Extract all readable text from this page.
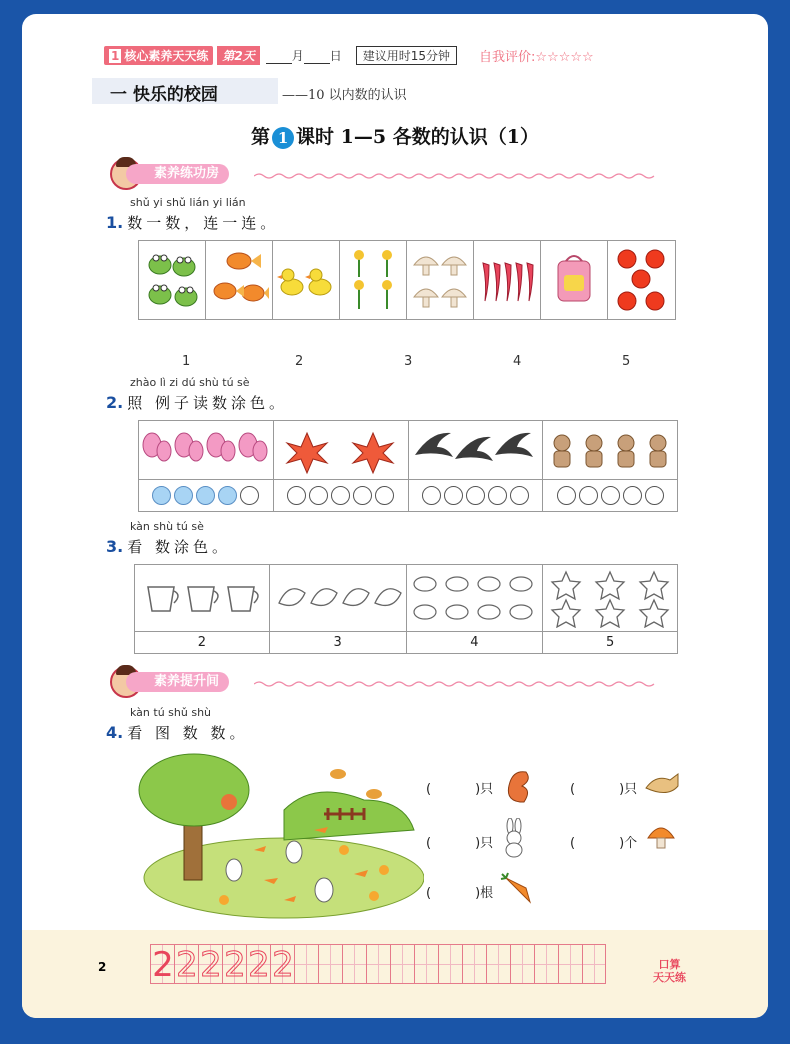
1 核心素养天天练	第2天	月 日	建议用时15分钟	自我评价:☆☆☆☆☆
一 快乐的校园	——10 以内数的认识
第 1 课时 1—5 各数的认识（1）
素养练功房
shǔ yi shǔ lián yi lián
1. 数一数，连一连。
1	2	3	4	5
zhào lì zi dú shù tú sè
2. 照 例子读数涂色。
kàn shù tú sè
3. 看 数涂色。
2	3	4	5
素养提升间
kàn tú shǔ shù
4. 看 图 数 数。
(	)只	(	)只
(	)只	(	)个
(	)根
2 2 2 2 2 2 2	口算
天天练
